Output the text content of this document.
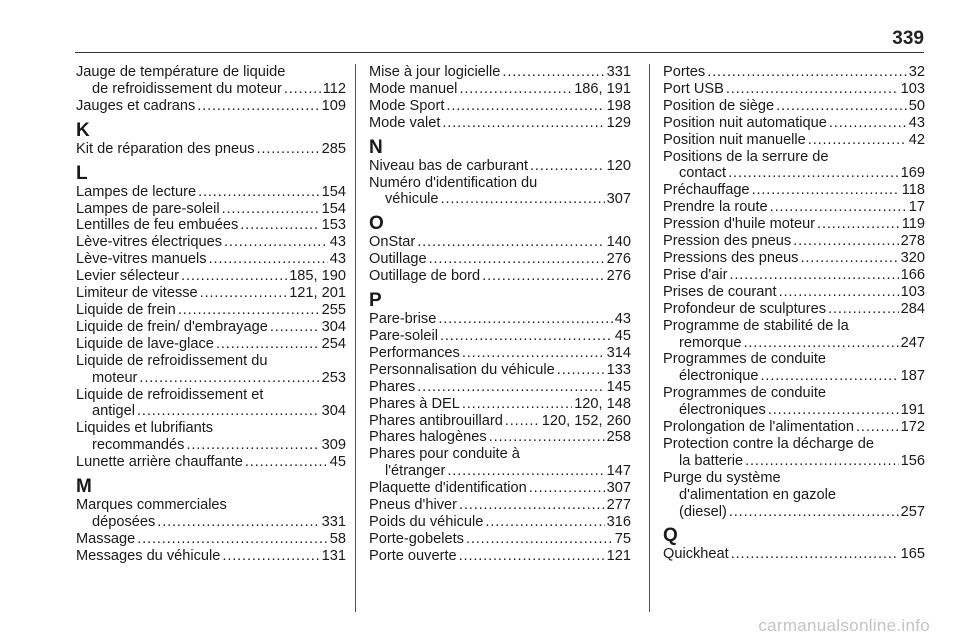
339
Jauge de température de liquide
de refroidissement du moteur . . .	112
Jauges et cadrans . . .	109
K
Kit de réparation des pneus . . .	285
L
Lampes de lecture . . .	154
Lampes de pare-soleil . . .	154
Lentilles de feu embuées . . .	153
Lève-vitres électriques . . .	43
Lève-vitres manuels . . .	43
Levier sélecteur . . .	185, 190
Limiteur de vitesse . . .	121, 201
Liquide de frein . . .	255
Liquide de frein/ d'embrayage . . .	304
Liquide de lave-glace . . .	254
Liquide de refroidissement du
moteur . . .	253
Liquide de refroidissement et
antigel . . .	304
Liquides et lubrifiants
recommandés . . .	309
Lunette arrière chauffante . . .	45
M
Marques commerciales
déposées . . .	331
Massage . . .	58
Messages du véhicule . . .	131
Mise à jour logicielle . . .	331
Mode manuel . . .	186, 191
Mode Sport . . .	198
Mode valet . . .	129
N
Niveau bas de carburant . . .	120
Numéro d'identification du
véhicule . . .	307
O
OnStar . . .	140
Outillage . . .	276
Outillage de bord . . .	276
P
Pare-brise . . .	43
Pare-soleil . . .	45
Performances . . .	314
Personnalisation du véhicule . . .	133
Phares . . .	145
Phares à DEL . . .	120, 148
Phares antibrouillard . . .	120, 152, 260
Phares halogènes . . .	258
Phares pour conduite à
l'étranger . . .	147
Plaquette d'identification . . .	307
Pneus d'hiver . . .	277
Poids du véhicule . . .	316
Porte-gobelets . . .	75
Porte ouverte . . .	121
Portes . . .	32
Port USB . . .	103
Position de siège . . .	50
Position nuit automatique . . .	43
Position nuit manuelle . . .	42
Positions de la serrure de
contact . . .	169
Préchauffage . . .	118
Prendre la route . . .	17
Pression d'huile moteur . . .	119
Pression des pneus . . .	278
Pressions des pneus . . .	320
Prise d'air . . .	166
Prises de courant . . .	103
Profondeur de sculptures . . .	284
Programme de stabilité de la
remorque . . .	247
Programmes de conduite
électronique . . .	187
Programmes de conduite
électroniques . . .	191
Prolongation de l'alimentation . . .	172
Protection contre la décharge de
la batterie . . .	156
Purge du système
d'alimentation en gazole
(diesel) . . .	257
Q
Quickheat . . .	165
carmanualsonline.info
